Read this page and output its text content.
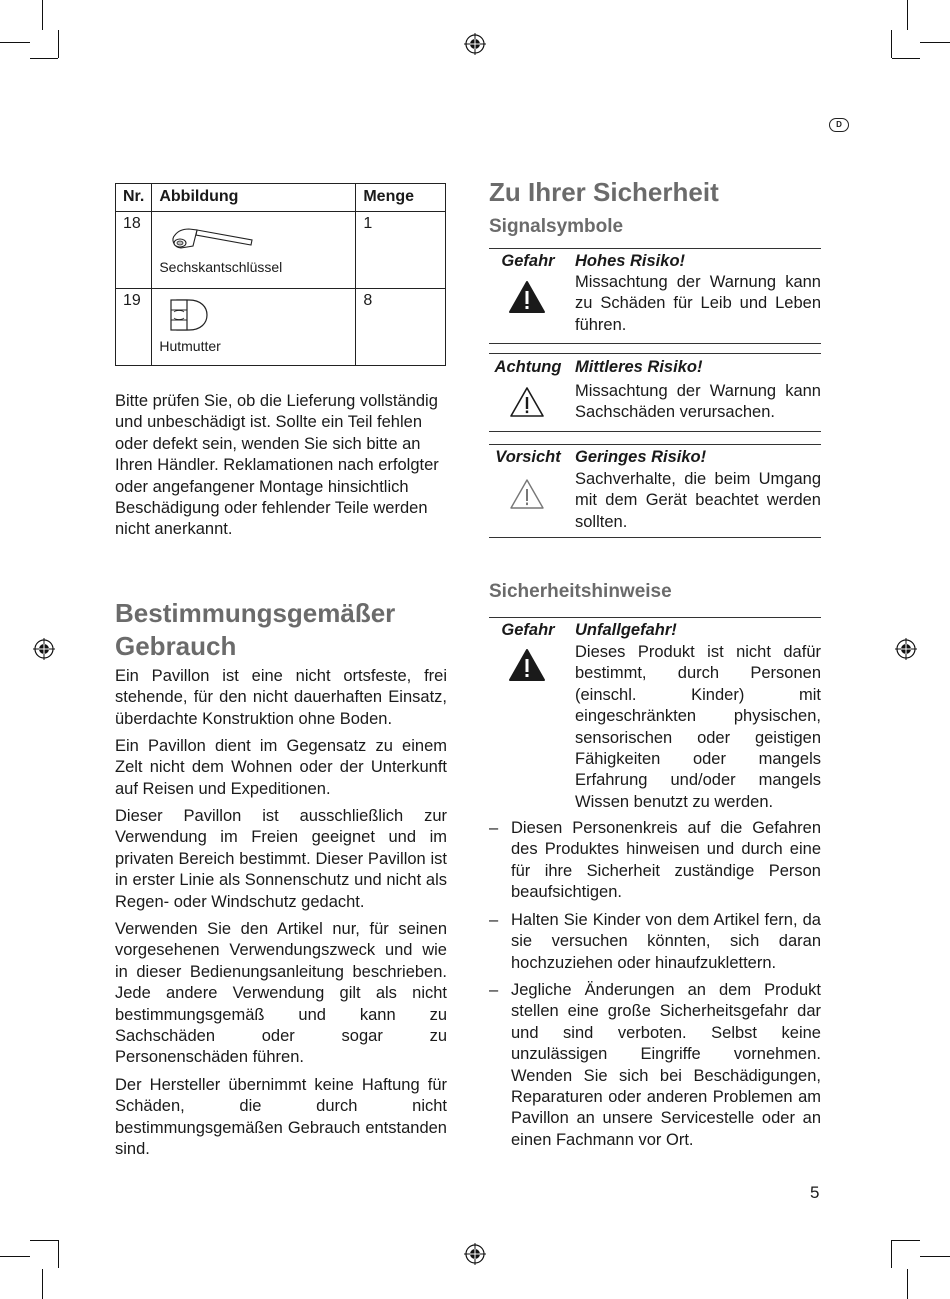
D
Nr.	Abbildung	Menge
18	Sechskantschlüssel	1
19	Hutmutter	8

Bitte prüfen Sie, ob die Lieferung vollständig und unbeschädigt ist. Sollte ein Teil fehlen oder defekt sein, wenden Sie sich bitte an Ihren Händler. Reklamationen nach erfolgter oder angefangener Montage hinsichtlich Beschädigung oder fehlender Teile werden nicht anerkannt.

Bestimmungsgemäßer
Gebrauch

Ein Pavillon ist eine nicht ortsfeste, frei stehende, für den nicht dauerhaften Einsatz, überdachte Konstruktion ohne Boden.

Ein Pavillon dient im Gegensatz zu einem Zelt nicht dem Wohnen oder der Unterkunft auf Reisen und Expeditionen.

Dieser Pavillon ist ausschließlich zur Verwendung im Freien geeignet und im privaten Bereich bestimmt. Dieser Pavillon ist in erster Linie als Sonnenschutz und nicht als Regen- oder Windschutz gedacht.

Verwenden Sie den Artikel nur, für seinen vorgesehenen Verwendungszweck und wie in dieser Bedienungsanleitung beschrieben. Jede andere Verwendung gilt als nicht bestimmungsgemäß und kann zu Sachschäden oder sogar zu Personenschäden führen.

Der Hersteller übernimmt keine Haftung für Schäden, die durch nicht bestimmungsgemäßen Gebrauch entstanden sind.

Zu Ihrer Sicherheit
Signalsymbole
Gefahr	Hohes Risiko!

Missachtung der Warnung kann zu Schäden für Leib und Leben führen.

Achtung Mittleres Risiko!

Missachtung der Warnung kann Sachschäden verursachen.

Vorsicht Geringes Risiko!

Sachverhalte, die beim Umgang mit dem Gerät beachtet werden sollten.

Sicherheitshinweise
Gefahr	Unfallgefahr!

Dieses Produkt ist nicht dafür bestimmt, durch Personen (einschl. Kinder) mit eingeschränkten physischen, sensorischen oder geistigen Fähigkeiten oder mangels Erfahrung und/oder mangels Wissen benutzt zu werden.

– Diesen Personenkreis auf die Gefahren des Produktes hinweisen und durch eine für ihre Sicherheit zuständige Person beaufsichtigen.

– Halten Sie Kinder von dem Artikel fern, da sie versuchen könnten, sich daran hochzuziehen oder hinaufzuklettern.

– Jegliche Änderungen an dem Produkt stellen eine große Sicherheitsgefahr dar und sind verboten. Selbst keine unzulässigen Eingriffe vornehmen. Wenden Sie sich bei Beschädigungen, Reparaturen oder anderen Problemen am Pavillon an unsere Servicestelle oder an einen Fachmann vor Ort.

5
